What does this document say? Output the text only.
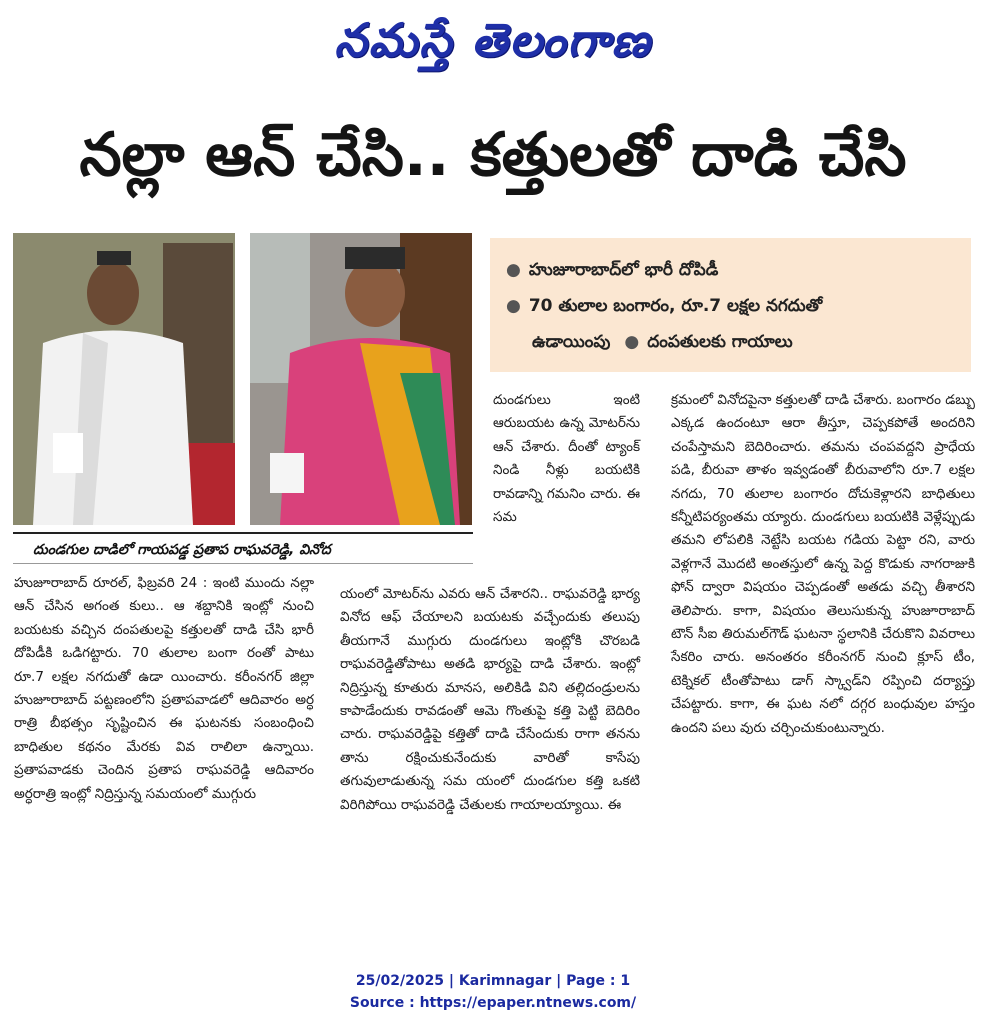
నమస్తే తెలంగాణ
నల్లా ఆన్ చేసి.. కత్తులతో దాడి చేసి
దుండగుల దాడిలో గాయపడ్డ ప్రతాప రాఘవరెడ్డి, వినోద
● హుజూరాబాద్‌లో భారీ దోపిడీ
● 70 తులాల బంగారం, రూ.7 లక్షల నగదుతో
ఉడాయింపు ● దంపతులకు గాయాలు

దుండగులు ఇంటి ఆరుబయట ఉన్న మోటర్‌ను ఆన్ చేశారు. దీంతో ట్యాంక్ నిండి నీళ్లు బయటికి రావడాన్ని గమనిం చారు. ఈ సమ

హుజూరాబాద్ రూరల్, ఫిబ్రవరి 24 : ఇంటి ముందు నల్లా ఆన్ చేసిన అగంత కులు.. ఆ శబ్దానికి ఇంట్లో నుంచి బయటకు వచ్చిన దంపతులపై కత్తులతో దాడి చేసి భారీ దోపిడీకి ఒడిగట్టారు. 70 తులాల బంగా రంతో పాటు రూ.7 లక్షల నగదుతో ఉడా యించారు. కరీంనగర్ జిల్లా హుజూరాబాద్ పట్టణంలోని ప్రతాపవాడలో ఆదివారం అర్ధ రాత్రి బీభత్సం సృష్టించిన ఈ ఘటనకు సంబంధించి బాధితుల కథనం మేరకు వివ రాలిలా ఉన్నాయి. ప్రతాపవాడకు చెందిన ప్రతాప రాఘవరెడ్డి ఆదివారం అర్ధరాత్రి ఇంట్లో నిద్రిస్తున్న సమయంలో ముగ్గురు

యంలో మోటర్‌ను ఎవరు ఆన్ చేశారని.. రాఘవరెడ్డి భార్య వినోద ఆఫ్ చేయాలని బయటకు వచ్చేందుకు తలుపు తీయగానే ముగ్గురు దుండగులు ఇంట్లోకి చొరబడి రాఘవరెడ్డితోపాటు అతడి భార్యపై దాడి చేశారు. ఇంట్లో నిద్రిస్తున్న కూతురు మానస, అలికిడి విని తల్లిదండ్రులను కాపాడేందుకు రావడంతో ఆమె గొంతుపై కత్తి పెట్టి బెదిరిం చారు. రాఘవరెడ్డిపై కత్తితో దాడి చేసేందుకు రాగా తనను తాను రక్షించుకునేందుకు వారితో కాసేపు తగువులాడుతున్న సమ యంలో దుండగుల కత్తి ఒకటి విరిగిపోయి రాఘవరెడ్డి చేతులకు గాయాలయ్యాయి. ఈ

క్రమంలో వినోదపైనా కత్తులతో దాడి చేశారు. బంగారం డబ్బు ఎక్కడ ఉందంటూ ఆరా తీస్తూ, చెప్పకపోతే అందరిని చంపేస్తామని బెదిరించారు. తమను చంపవద్దని ప్రాధేయ పడి, బీరువా తాళం ఇవ్వడంతో బీరువాలోని రూ.7 లక్షల నగదు, 70 తులాల బంగారం దోచుకెళ్లారని బాధితులు కన్నీటిపర్యంతమ య్యారు. దుండగులు బయటికి వెళ్లేప్పుడు తమని లోపలికి నెట్టేసి బయట గడియ పెట్టా రని, వారు వెళ్లగానే మొదటి అంతస్తులో ఉన్న పెద్ద కొడుకు నాగరాజుకి ఫోన్ ద్వారా విషయం చెప్పడంతో అతడు వచ్చి తీశారని తెలిపారు. కాగా, విషయం తెలుసుకున్న హుజూరాబాద్ టౌన్ సీఐ తిరుమల్‌గౌడ్ ఘటనా స్థలానికి చేరుకొని వివరాలు సేకరిం చారు. అనంతరం కరీంనగర్ నుంచి క్లూస్ టీం, టెక్నికల్ టీంతోపాటు డాగ్ స్క్వాడ్‌ని రప్పించి దర్యాప్తు చేపట్టారు. కాగా, ఈ ఘట నలో దగ్గర బంధువుల హస్తం ఉందని పలు వురు చర్చించుకుంటున్నారు.

25/02/2025 | Karimnagar | Page : 1
Source : https://epaper.ntnews.com/
